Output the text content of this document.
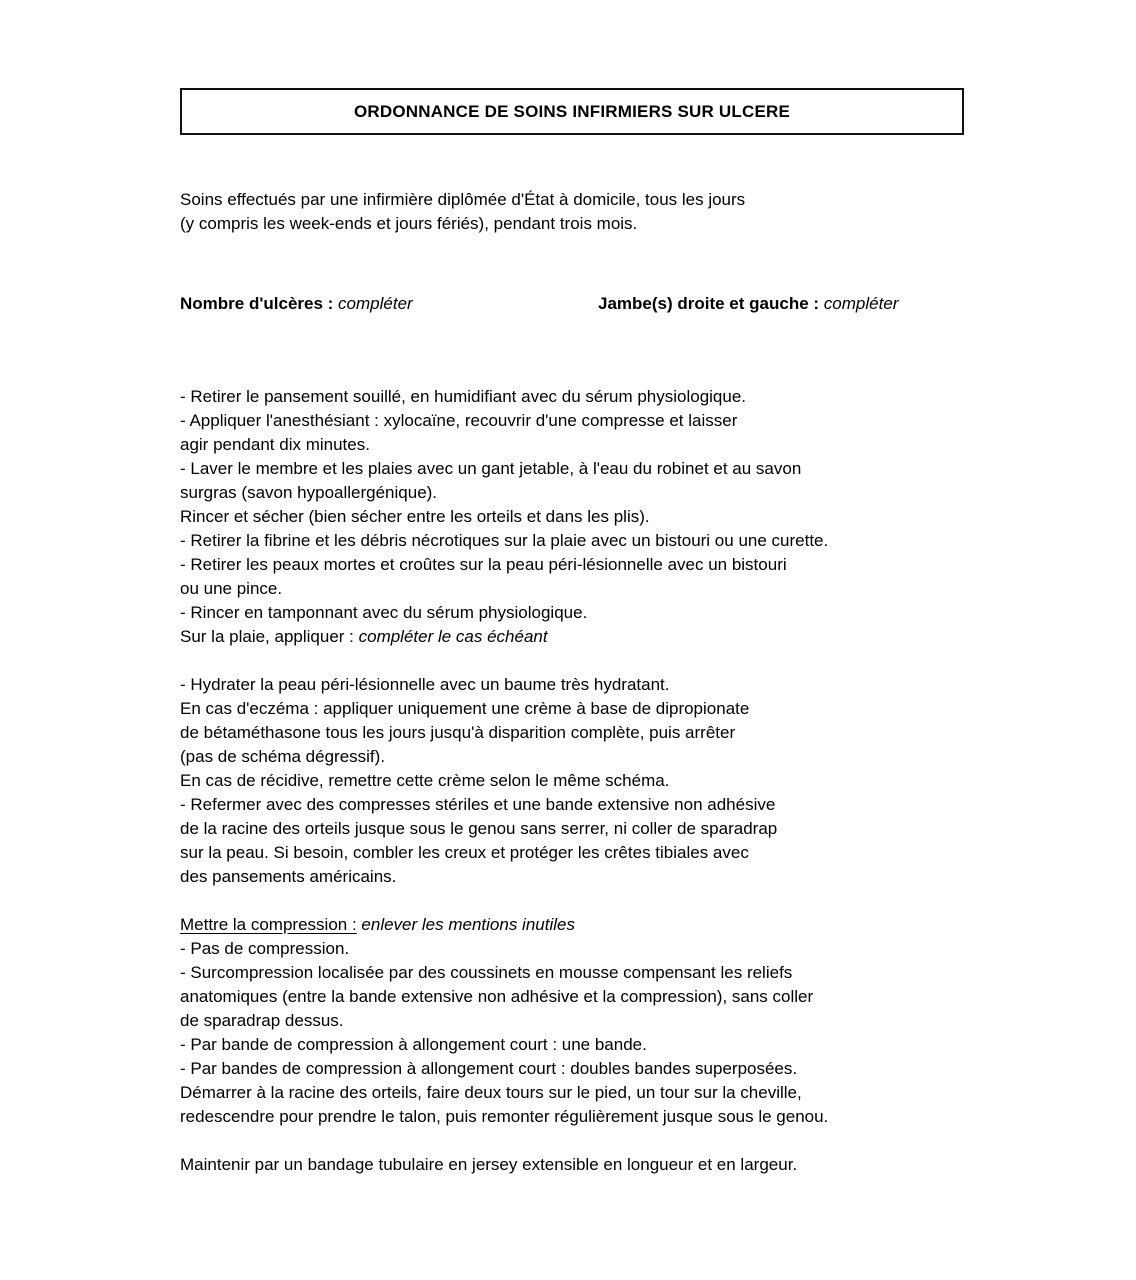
ORDONNANCE DE SOINS INFIRMIERS SUR ULCERE
Soins effectués par une infirmière diplômée d'État à domicile, tous les jours
(y compris les week-ends et jours fériés), pendant trois mois.
Nombre d'ulcères : compléter	Jambe(s) droite et gauche : compléter
- Retirer le pansement souillé, en humidifiant avec du sérum physiologique.
- Appliquer l'anesthésiant : xylocaïne, recouvrir d'une compresse et laisser
agir pendant dix minutes.
- Laver le membre et les plaies avec un gant jetable, à l'eau du robinet et au savon
surgras (savon hypoallergénique).
Rincer et sécher (bien sécher entre les orteils et dans les plis).
- Retirer la fibrine et les débris nécrotiques sur la plaie avec un bistouri ou une curette.
- Retirer les peaux mortes et croûtes sur la peau péri-lésionnelle avec un bistouri
ou une pince.
- Rincer en tamponnant avec du sérum physiologique.
Sur la plaie, appliquer : compléter le cas échéant
- Hydrater la peau péri-lésionnelle avec un baume très hydratant.
En cas d'eczéma : appliquer uniquement une crème à base de dipropionate
de bétaméthasone tous les jours jusqu'à disparition complète, puis arrêter
(pas de schéma dégressif).
En cas de récidive, remettre cette crème selon le même schéma.
- Refermer avec des compresses stériles et une bande extensive non adhésive
de la racine des orteils jusque sous le genou sans serrer, ni coller de sparadrap
sur la peau. Si besoin, combler les creux et protéger les crêtes tibiales avec
des pansements américains.
Mettre la compression : enlever les mentions inutiles
- Pas de compression.
- Surcompression localisée par des coussinets en mousse compensant les reliefs
anatomiques (entre la bande extensive non adhésive et la compression), sans coller
de sparadrap dessus.
- Par bande de compression à allongement court : une bande.
- Par bandes de compression à allongement court : doubles bandes superposées.
Démarrer à la racine des orteils, faire deux tours sur le pied, un tour sur la cheville,
redescendre pour prendre le talon, puis remonter régulièrement jusque sous le genou.
Maintenir par un bandage tubulaire en jersey extensible en longueur et en largeur.
